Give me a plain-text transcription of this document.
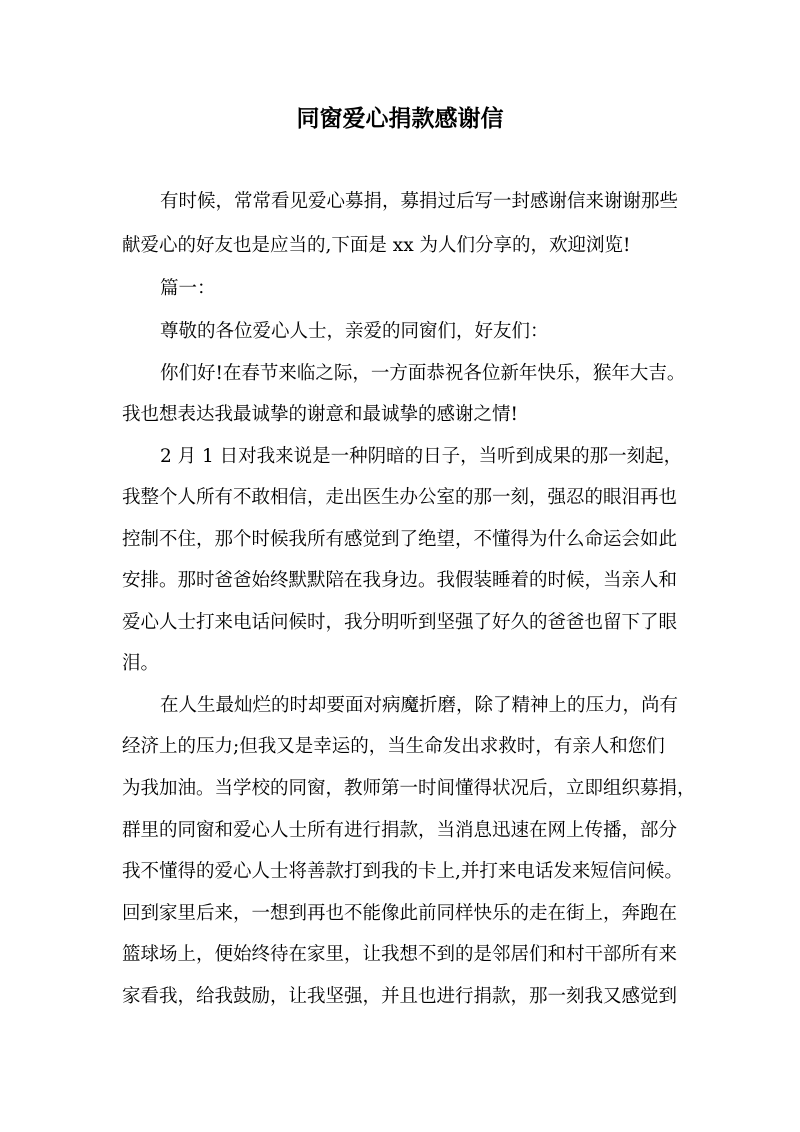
同窗爱心捐款感谢信

有时候，常常看见爱心募捐，募捐过后写一封感谢信来谢谢那些

献爱心的好友也是应当的,下面是 xx 为人们分享的，欢迎浏览!

篇一：

尊敬的各位爱心人士，亲爱的同窗们，好友们：

你们好!在春节来临之际，一方面恭祝各位新年快乐，猴年大吉。

我也想表达我最诚挚的谢意和最诚挚的感谢之情!

2 月 1 日对我来说是一种阴暗的日子，当听到成果的那一刻起，

我整个人所有不敢相信，走出医生办公室的那一刻，强忍的眼泪再也

控制不住，那个时候我所有感觉到了绝望，不懂得为什么命运会如此

安排。那时爸爸始终默默陪在我身边。我假装睡着的时候，当亲人和

爱心人士打来电话问候时，我分明听到坚强了好久的爸爸也留下了眼

泪。

在人生最灿烂的时却要面对病魔折磨，除了精神上的压力，尚有

经济上的压力;但我又是幸运的，当生命发出求救时，有亲人和您们

为我加油。当学校的同窗，教师第一时间懂得状况后，立即组织募捐，

群里的同窗和爱心人士所有进行捐款，当消息迅速在网上传播，部分

我不懂得的爱心人士将善款打到我的卡上,并打来电话发来短信问候。

回到家里后来，一想到再也不能像此前同样快乐的走在街上，奔跑在

篮球场上，便始终待在家里，让我想不到的是邻居们和村干部所有来

家看我，给我鼓励，让我坚强，并且也进行捐款，那一刻我又感觉到
